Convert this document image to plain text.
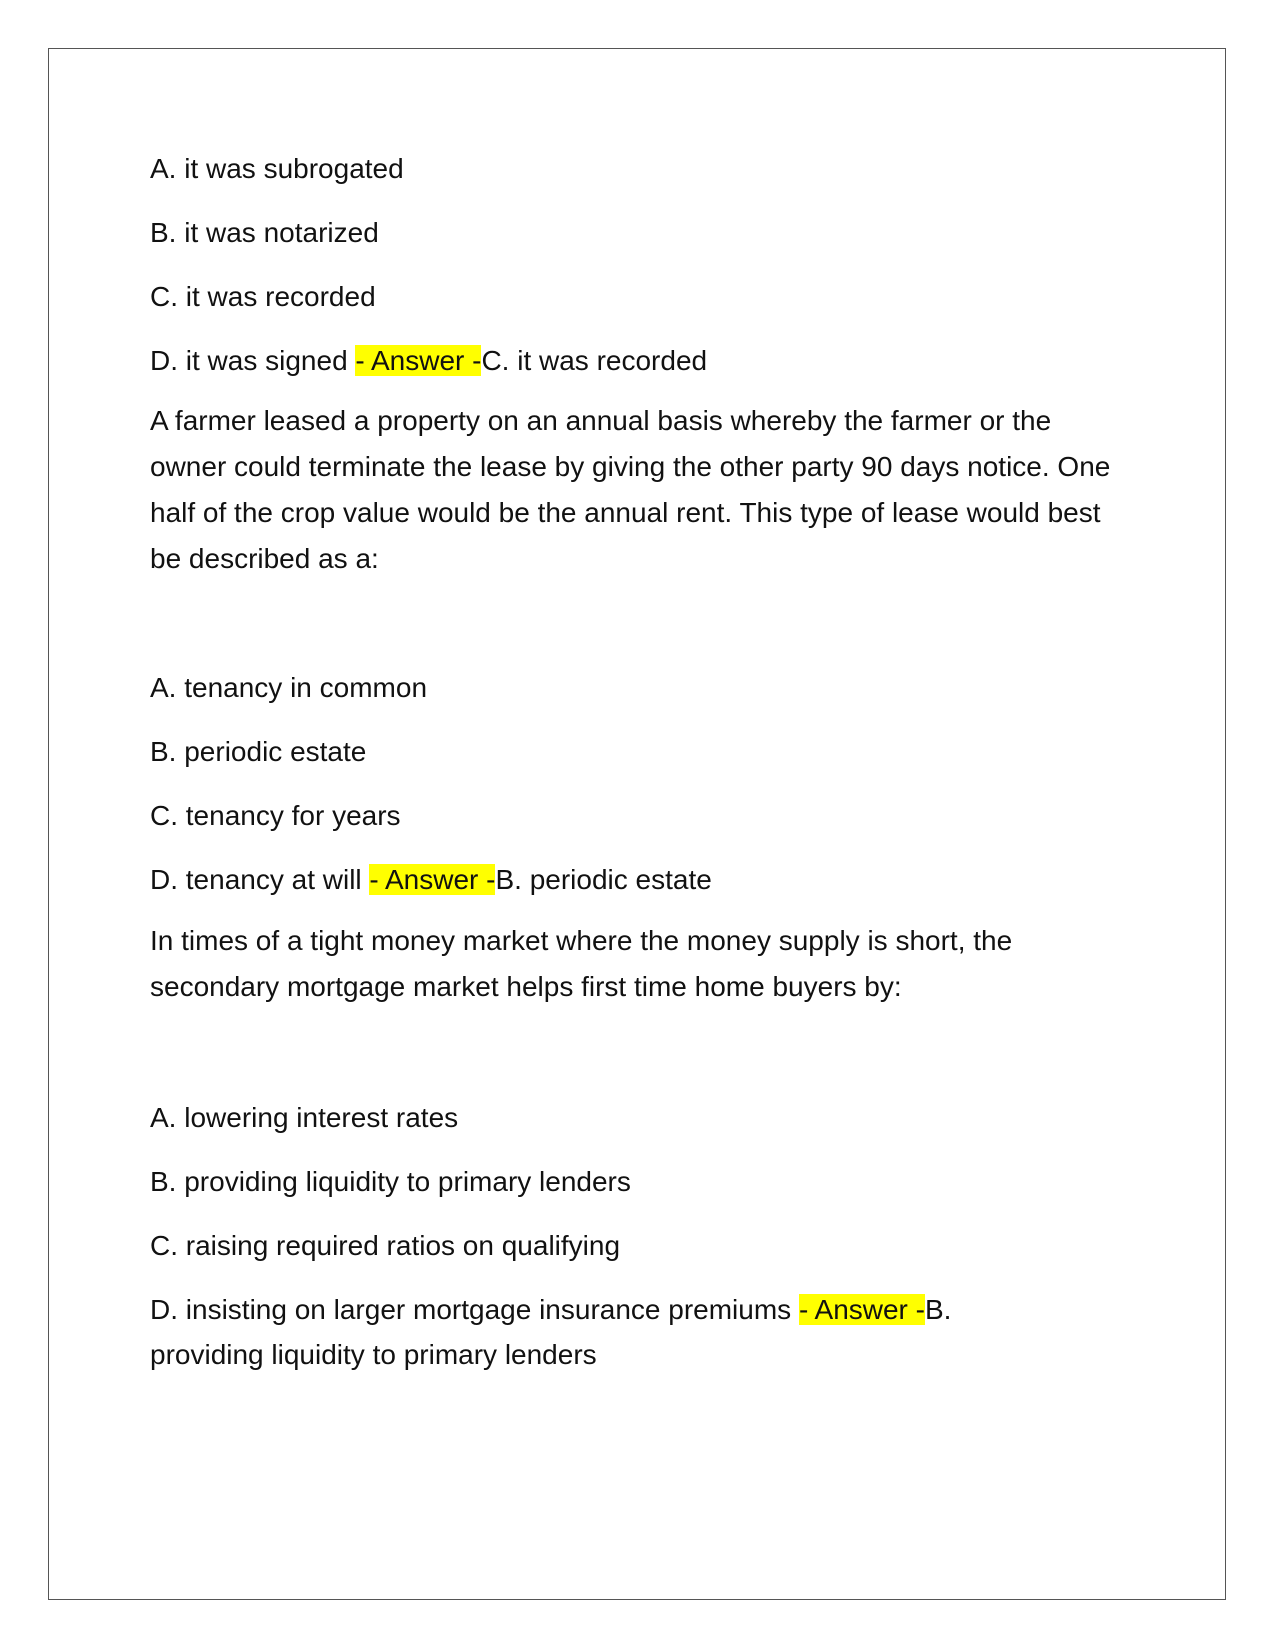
A. it was subrogated
B. it was notarized
C. it was recorded
D. it was signed - Answer -C. it was recorded
A farmer leased a property on an annual basis whereby the farmer or the owner could terminate the lease by giving the other party 90 days notice. One half of the crop value would be the annual rent. This type of lease would best be described as a:
A. tenancy in common
B. periodic estate
C. tenancy for years
D. tenancy at will - Answer -B. periodic estate
In times of a tight money market where the money supply is short, the secondary mortgage market helps first time home buyers by:
A. lowering interest rates
B. providing liquidity to primary lenders
C. raising required ratios on qualifying
D. insisting on larger mortgage insurance premiums - Answer -B.
providing liquidity to primary lenders
